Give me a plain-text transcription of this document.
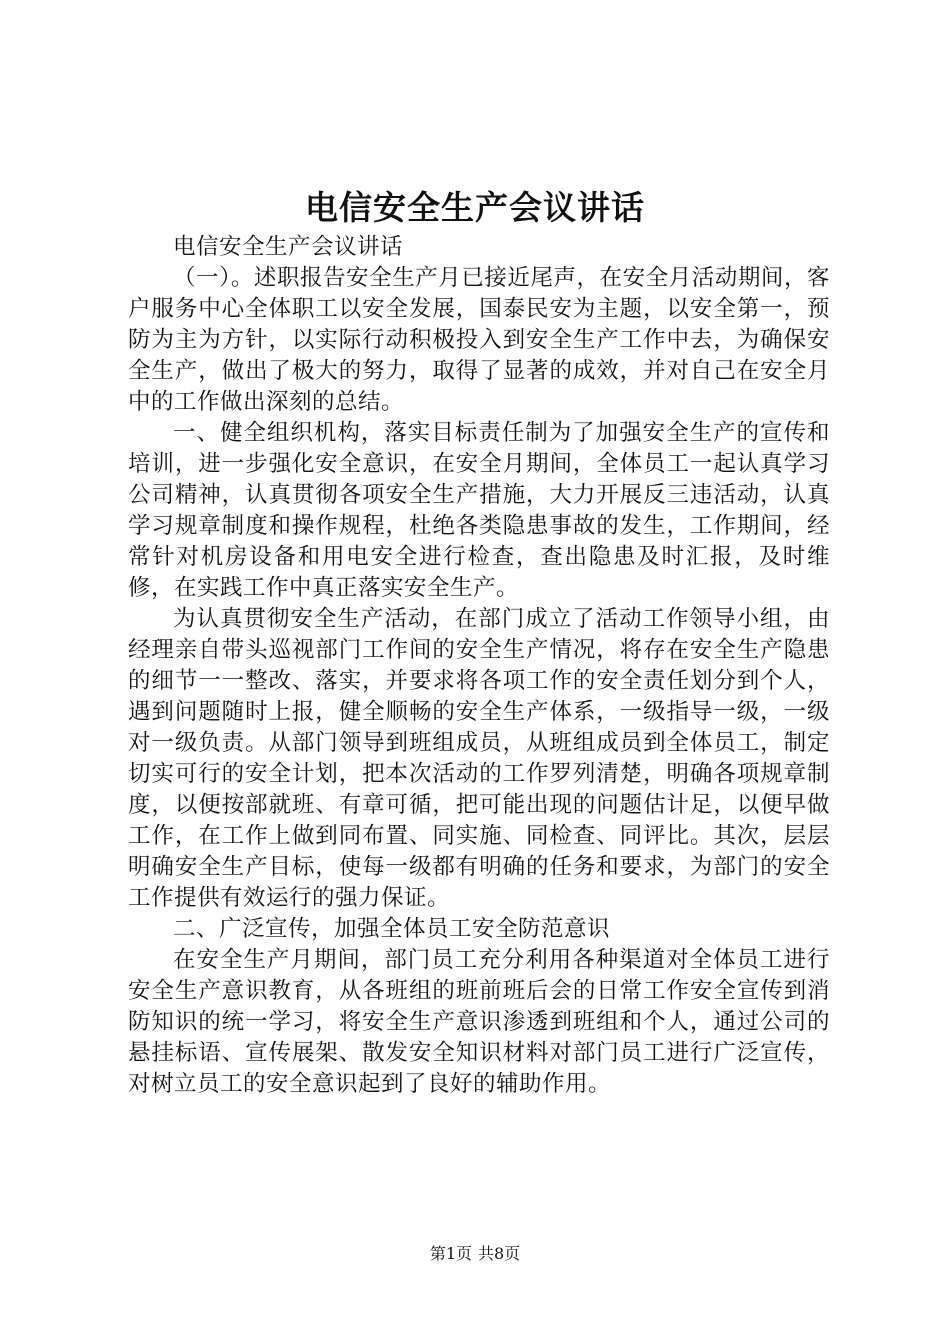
电信安全生产会议讲话

电信安全生产会议讲话

（一）。述职报告安全生产月已接近尾声，在安全月活动期间，客户服务中心全体职工以安全发展，国泰民安为主题，以安全第一，预防为主为方针，以实际行动积极投入到安全生产工作中去，为确保安全生产，做出了极大的努力，取得了显著的成效，并对自己在安全月中的工作做出深刻的总结。

一、健全组织机构，落实目标责任制为了加强安全生产的宣传和培训，进一步强化安全意识，在安全月期间，全体员工一起认真学习公司精神，认真贯彻各项安全生产措施，大力开展反三违活动，认真学习规章制度和操作规程，杜绝各类隐患事故的发生，工作期间，经常针对机房设备和用电安全进行检查，查出隐患及时汇报，及时维修，在实践工作中真正落实安全生产。

为认真贯彻安全生产活动，在部门成立了活动工作领导小组，由经理亲自带头巡视部门工作间的安全生产情况，将存在安全生产隐患的细节一一整改、落实，并要求将各项工作的安全责任划分到个人，遇到问题随时上报，健全顺畅的安全生产体系，一级指导一级，一级对一级负责。从部门领导到班组成员，从班组成员到全体员工，制定切实可行的安全计划，把本次活动的工作罗列清楚，明确各项规章制度，以便按部就班、有章可循，把可能出现的问题估计足，以便早做工作，在工作上做到同布置、同实施、同检查、同评比。其次，层层明确安全生产目标，使每一级都有明确的任务和要求，为部门的安全工作提供有效运行的强力保证。

二、广泛宣传，加强全体员工安全防范意识

在安全生产月期间，部门员工充分利用各种渠道对全体员工进行安全生产意识教育，从各班组的班前班后会的日常工作安全宣传到消防知识的统一学习，将安全生产意识渗透到班组和个人，通过公司的悬挂标语、宣传展架、散发安全知识材料对部门员工进行广泛宣传，对树立员工的安全意识起到了良好的辅助作用。

第1页 共8页
